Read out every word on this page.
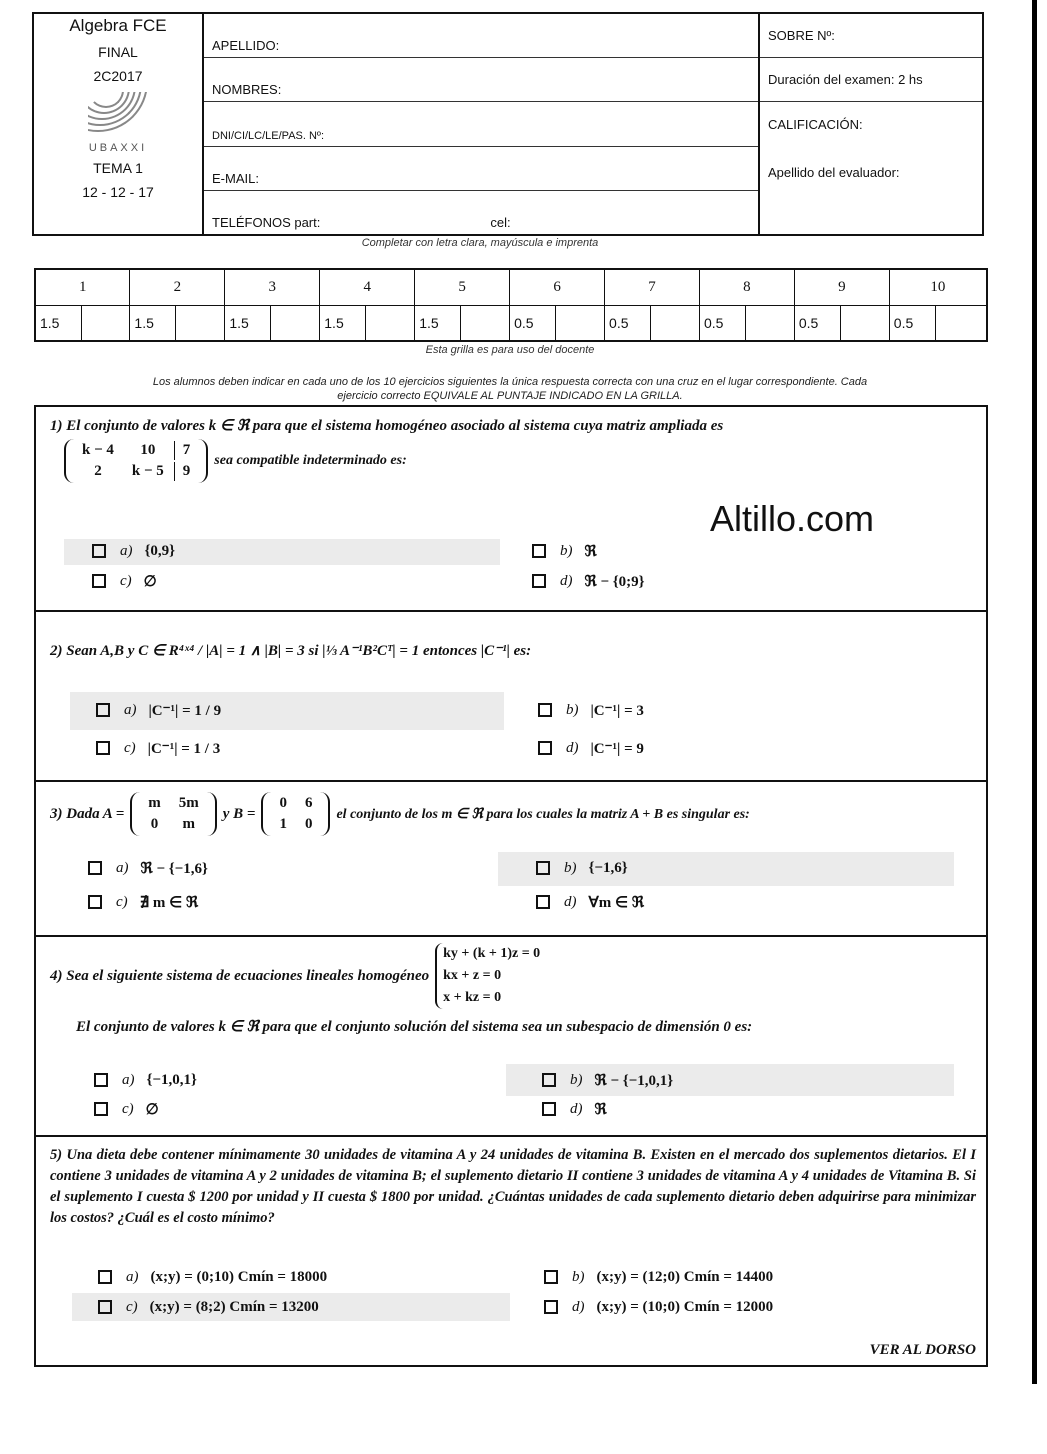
Algebra FCE
FINAL
2C2017
UBAXXI
TEMA 1
12 - 12 - 17
APELLIDO:
NOMBRES:
DNI/CI/LC/LE/PAS. Nº:
E-MAIL:
TELÉFONOS part:	cel:
SOBRE Nº:
Duración del examen: 2 hs
CALIFICACIÓN:
Apellido del evaluador:
Completar con letra clara, mayúscula e imprenta
1		2		3		4		5		6		7		8		9		10	
1.5		1.5		1.5		1.5		1.5		0.5		0.5		0.5		0.5		0.5	
Esta grilla es para uso del docente
Los alumnos deben indicar en cada uno de los 10 ejercicios siguientes la única respuesta correcta con una cruz en el lugar correspondiente. Cada
ejercicio correcto EQUIVALE AL PUNTAJE INDICADO EN LA GRILLA.
1) El conjunto de valores k ∈ ℜ para que el sistema homogéneo asociado al sistema cuya matriz ampliada es
k − 4	10	7
2	k − 5	9
sea compatible indeterminado es:
a) {0,9}	b) ℜ
c) ∅	d) ℜ − {0;9}
Altillo.com
2) Sean A,B y C ∈ R⁴ˣ⁴ / |A| = 1 ∧ |B| = 3 si |⅓ A⁻¹B²Cᵀ| = 1 entonces |C⁻¹| es:
a) |C⁻¹| = 1 / 9	b) |C⁻¹| = 3
c) |C⁻¹| = 1 / 3	d) |C⁻¹| = 9
3) Dada A =
m	5m
0	m
y B =
0	6
1	0
el conjunto de los m ∈ ℜ para los cuales la matriz A + B es singular es:
a) ℜ − {−1,6}	b) {−1,6}
c) ∄ m ∈ ℜ	d) ∀m ∈ ℜ
4) Sea el siguiente sistema de ecuaciones lineales homogéneo
ky + (k + 1)z = 0
kx + z = 0
x + kz = 0
El conjunto de valores k ∈ ℜ para que el conjunto solución del sistema sea un subespacio de dimensión 0 es:
a) {−1,0,1}	b) ℜ − {−1,0,1}
c) ∅	d) ℜ
5) Una dieta debe contener mínimamente 30 unidades de vitamina A y 24 unidades de vitamina B. Existen en el mercado dos suplementos dietarios. El I contiene 3 unidades de vitamina A y 2 unidades de vitamina B; el suplemento dietario II contiene 3 unidades de vitamina A y 4 unidades de Vitamina B. Si el suplemento I cuesta $ 1200 por unidad y II cuesta $ 1800 por unidad. ¿Cuántas unidades de cada suplemento dietario deben adquirirse para minimizar los costos? ¿Cuál es el costo mínimo?
a) (x;y) = (0;10) Cmín = 18000	b) (x;y) = (12;0) Cmín = 14400
c) (x;y) = (8;2) Cmín = 13200	d) (x;y) = (10;0) Cmín = 12000
VER AL DORSO
